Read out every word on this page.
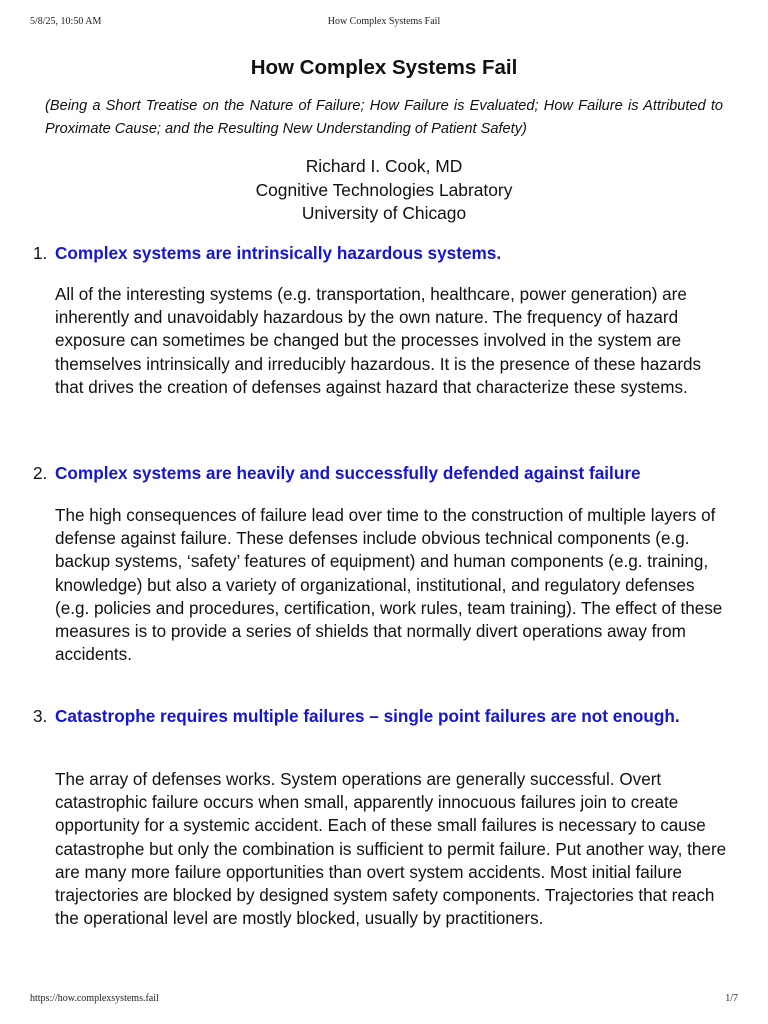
5/8/25, 10:50 AM	How Complex Systems Fail
How Complex Systems Fail
(Being a Short Treatise on the Nature of Failure; How Failure is Evaluated; How Failure is Attributed to Proximate Cause; and the Resulting New Understanding of Patient Safety)
Richard I. Cook, MD
Cognitive Technologies Labratory
University of Chicago
1. Complex systems are intrinsically hazardous systems.
All of the interesting systems (e.g. transportation, healthcare, power generation) are inherently and unavoidably hazardous by the own nature. The frequency of hazard exposure can sometimes be changed but the processes involved in the system are themselves intrinsically and irreducibly hazardous. It is the presence of these hazards that drives the creation of defenses against hazard that characterize these systems.
2. Complex systems are heavily and successfully defended against failure
The high consequences of failure lead over time to the construction of multiple layers of defense against failure. These defenses include obvious technical components (e.g. backup systems, ‘safety’ features of equipment) and human components (e.g. training, knowledge) but also a variety of organizational, institutional, and regulatory defenses (e.g. policies and procedures, certification, work rules, team training). The effect of these measures is to provide a series of shields that normally divert operations away from accidents.
3. Catastrophe requires multiple failures – single point failures are not enough.
The array of defenses works. System operations are generally successful. Overt catastrophic failure occurs when small, apparently innocuous failures join to create opportunity for a systemic accident. Each of these small failures is necessary to cause catastrophe but only the combination is sufficient to permit failure. Put another way, there are many more failure opportunities than overt system accidents. Most initial failure trajectories are blocked by designed system safety components. Trajectories that reach the operational level are mostly blocked, usually by practitioners.
https://how.complexsystems.fail	1/7
